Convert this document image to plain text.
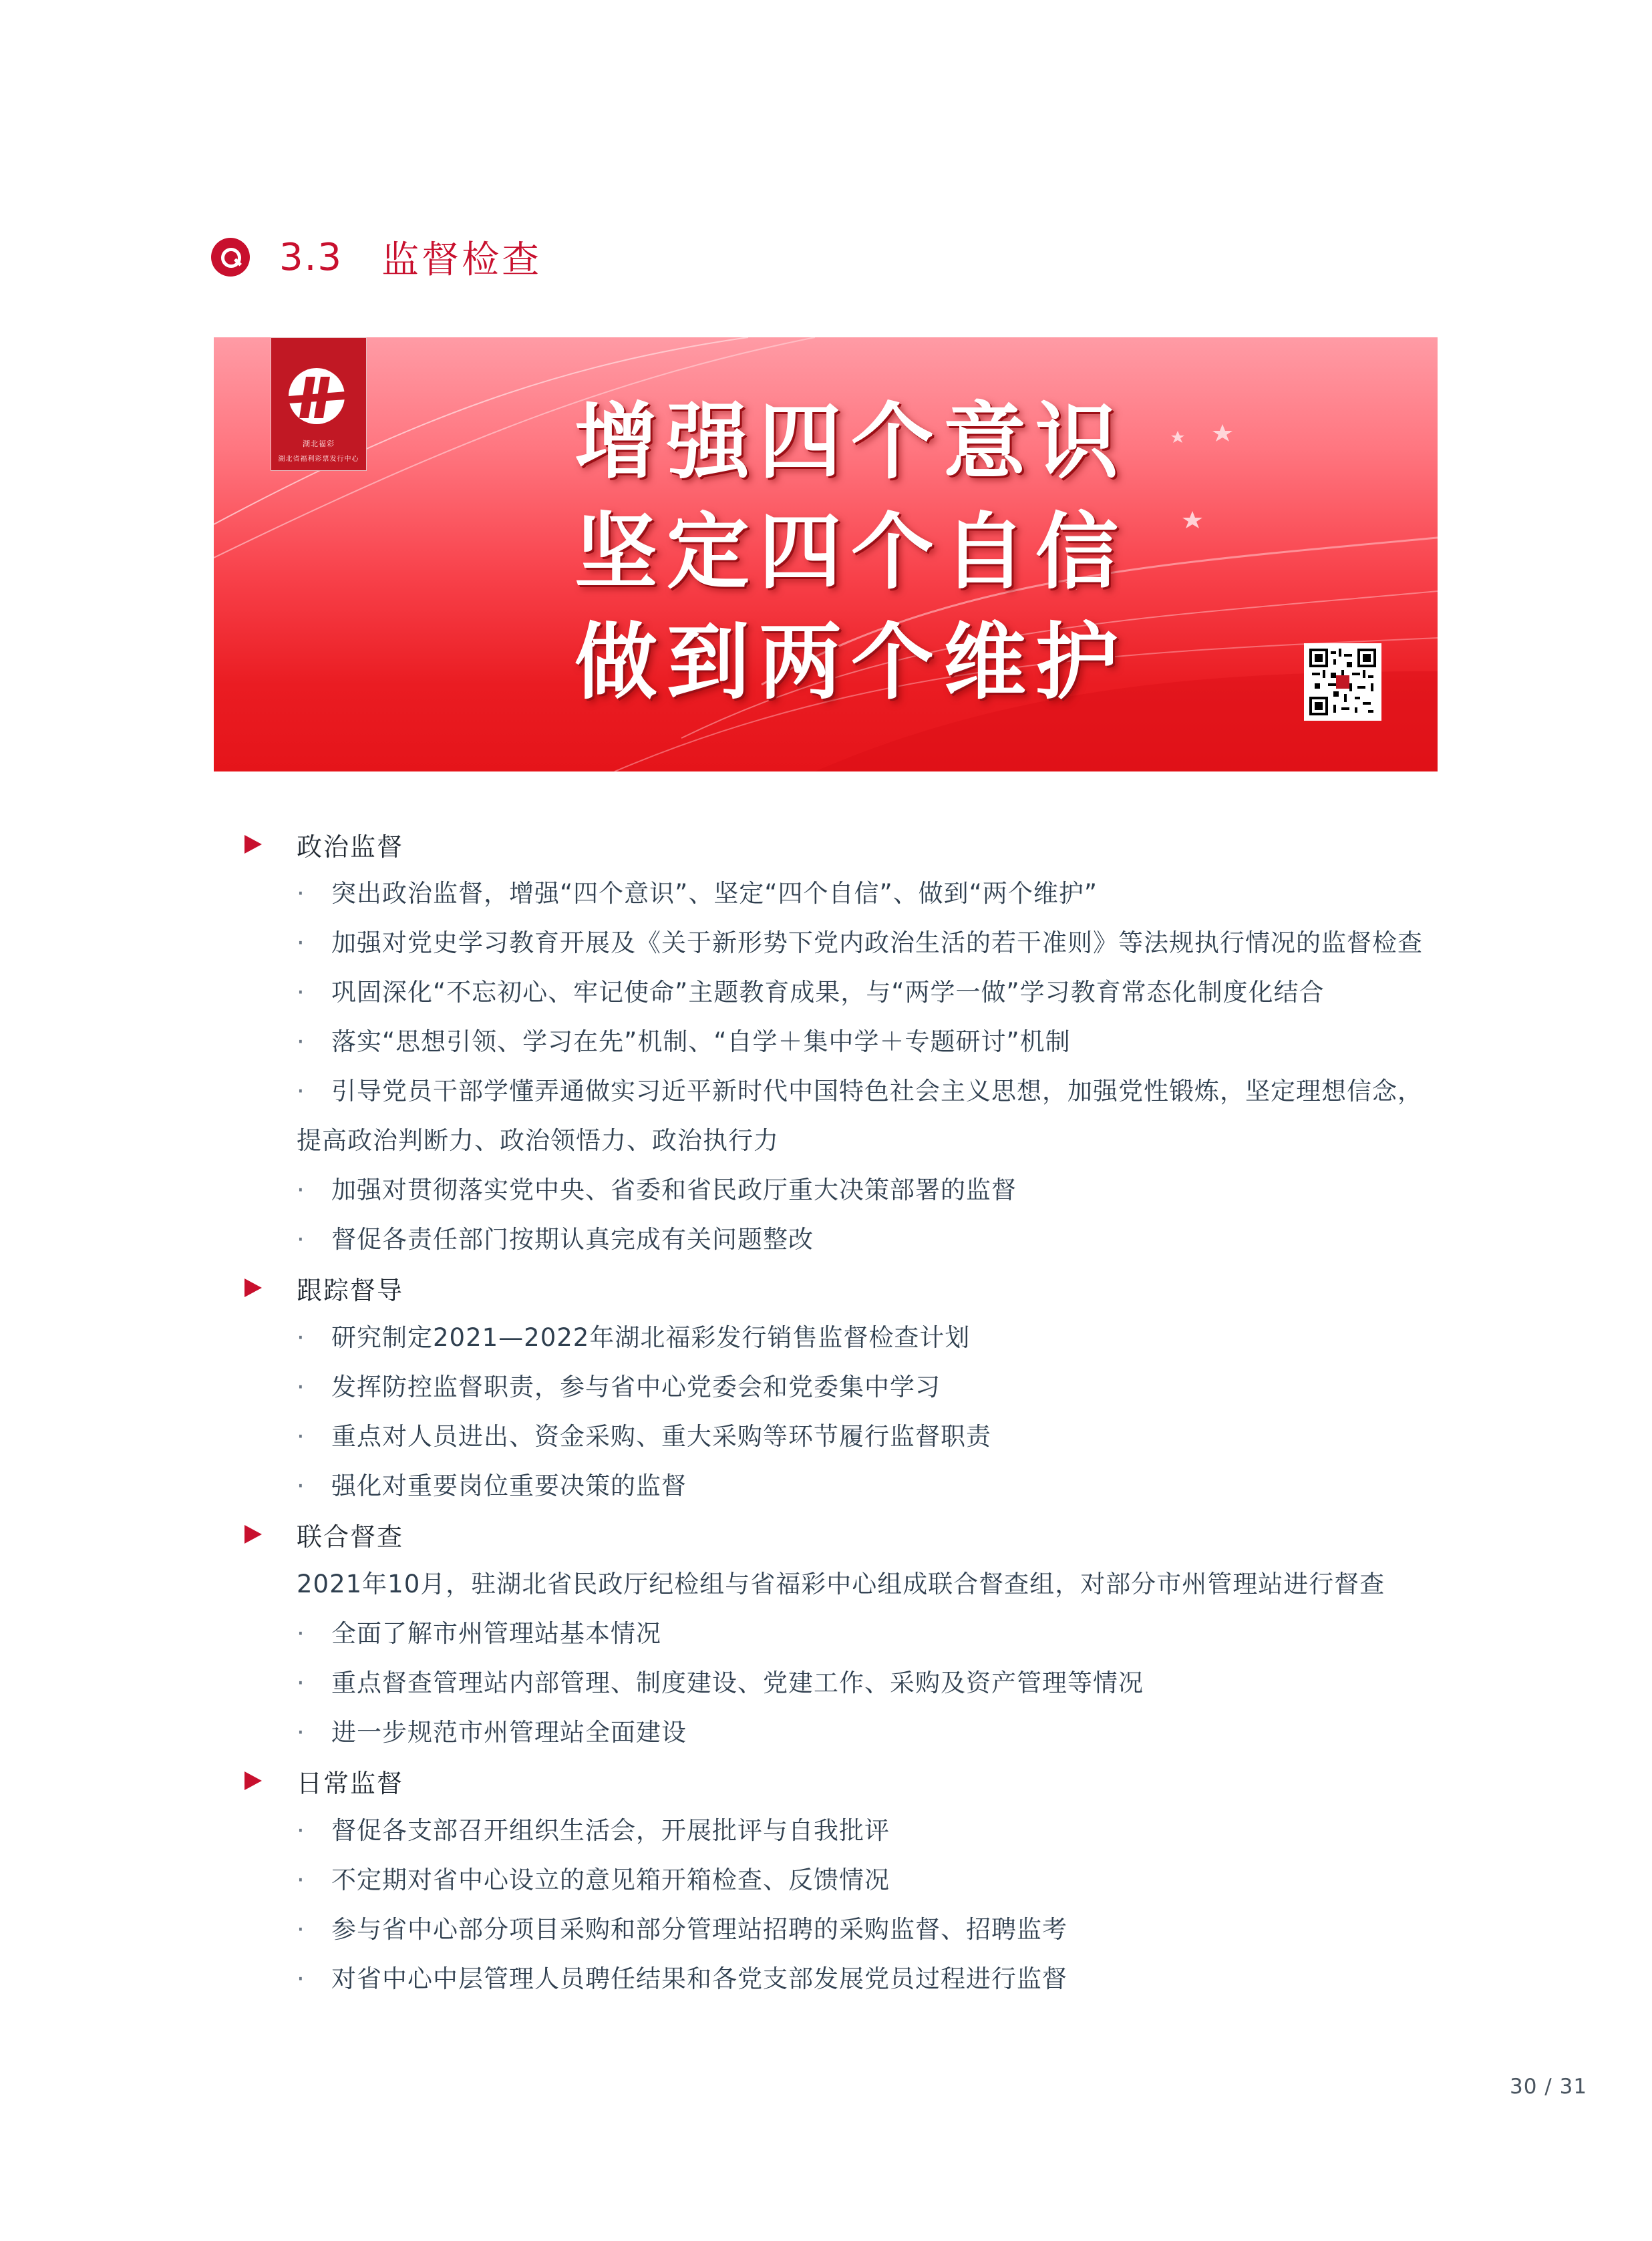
3.3 监督检查
湖北福彩
湖北省福利彩票发行中心	增强四个意识
坚定四个自信
做到两个维护
政治监督
· 突出政治监督，增强“四个意识”、坚定“四个自信”、做到“两个维护”
· 加强对党史学习教育开展及《关于新形势下党内政治生活的若干准则》等法规执行情况的监督检查
· 巩固深化“不忘初心、牢记使命”主题教育成果，与“两学一做”学习教育常态化制度化结合
· 落实“思想引领、学习在先”机制、“自学＋集中学＋专题研讨”机制
· 引导党员干部学懂弄通做实习近平新时代中国特色社会主义思想，加强党性锻炼，坚定理想信念，
提高政治判断力、政治领悟力、政治执行力
· 加强对贯彻落实党中央、省委和省民政厅重大决策部署的监督
· 督促各责任部门按期认真完成有关问题整改
跟踪督导
· 研究制定2021—2022年湖北福彩发行销售监督检查计划
· 发挥防控监督职责，参与省中心党委会和党委集中学习
· 重点对人员进出、资金采购、重大采购等环节履行监督职责
· 强化对重要岗位重要决策的监督
联合督查
2021年10月，驻湖北省民政厅纪检组与省福彩中心组成联合督查组，对部分市州管理站进行督查
· 全面了解市州管理站基本情况
· 重点督查管理站内部管理、制度建设、党建工作、采购及资产管理等情况
· 进一步规范市州管理站全面建设
日常监督
· 督促各支部召开组织生活会，开展批评与自我批评
· 不定期对省中心设立的意见箱开箱检查、反馈情况
· 参与省中心部分项目采购和部分管理站招聘的采购监督、招聘监考
· 对省中心中层管理人员聘任结果和各党支部发展党员过程进行监督
30 / 31
